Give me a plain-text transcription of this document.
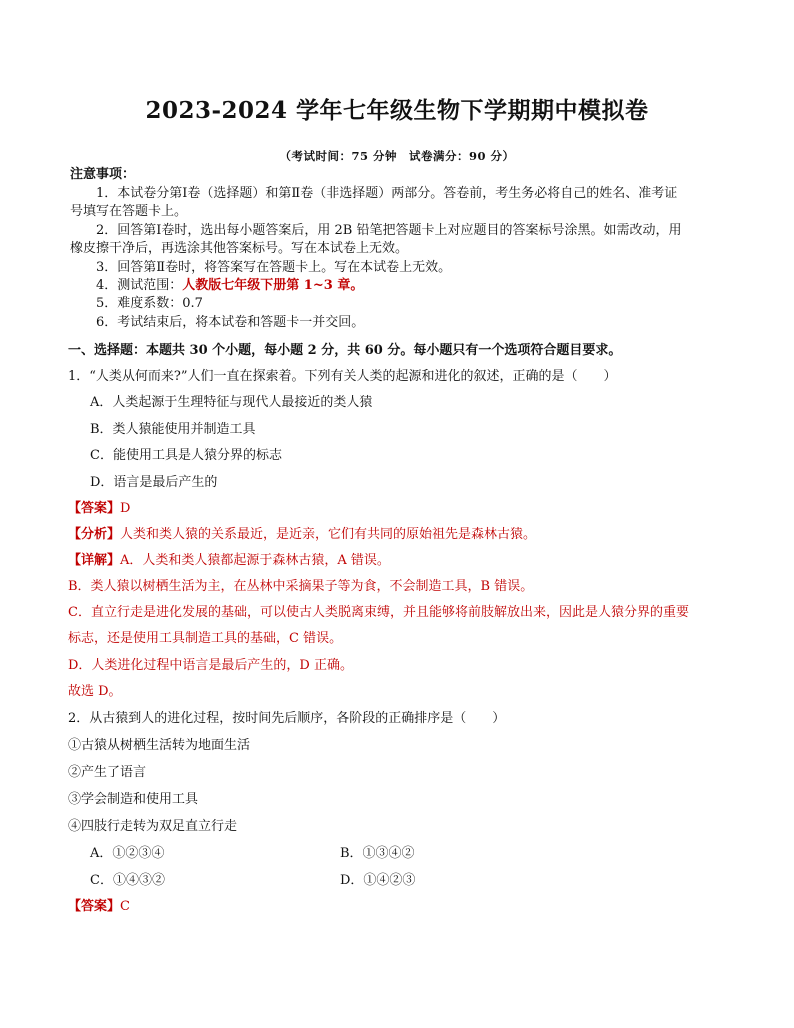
2023-2024 学年七年级生物下学期期中模拟卷
（考试时间：75 分钟　试卷满分：90 分）
注意事项：
1．本试卷分第Ⅰ卷（选择题）和第Ⅱ卷（非选择题）两部分。答卷前，考生务必将自己的姓名、准考证
号填写在答题卡上。
2．回答第Ⅰ卷时，选出每小题答案后，用 2B 铅笔把答题卡上对应题目的答案标号涂黑。如需改动，用
橡皮擦干净后，再选涂其他答案标号。写在本试卷上无效。
3．回答第Ⅱ卷时，将答案写在答题卡上。写在本试卷上无效。
4．测试范围：人教版七年级下册第 1~3 章。
5．难度系数：0.7
6．考试结束后，将本试卷和答题卡一并交回。
一、选择题：本题共 30 个小题，每小题 2 分，共 60 分。每小题只有一个选项符合题目要求。
1．“人类从何而来?”人们一直在探索着。下列有关人类的起源和进化的叙述，正确的是（　　）
A．人类起源于生理特征与现代人最接近的类人猿
B．类人猿能使用并制造工具
C．能使用工具是人猿分界的标志
D．语言是最后产生的
【答案】D
【分析】人类和类人猿的关系最近，是近亲，它们有共同的原始祖先是森林古猿。
【详解】A．人类和类人猿都起源于森林古猿，A 错误。
B．类人猿以树栖生活为主，在丛林中采摘果子等为食，不会制造工具，B 错误。
C．直立行走是进化发展的基础，可以使古人类脱离束缚，并且能够将前肢解放出来，因此是人猿分界的重要
标志，还是使用工具制造工具的基础，C 错误。
D．人类进化过程中语言是最后产生的，D 正确。
故选 D。
2．从古猿到人的进化过程，按时间先后顺序，各阶段的正确排序是（　　）
①古猿从树栖生活转为地面生活
②产生了语言
③学会制造和使用工具
④四肢行走转为双足直立行走
A．①②③④	B．①③④②
C．①④③②	D．①④②③
【答案】C
